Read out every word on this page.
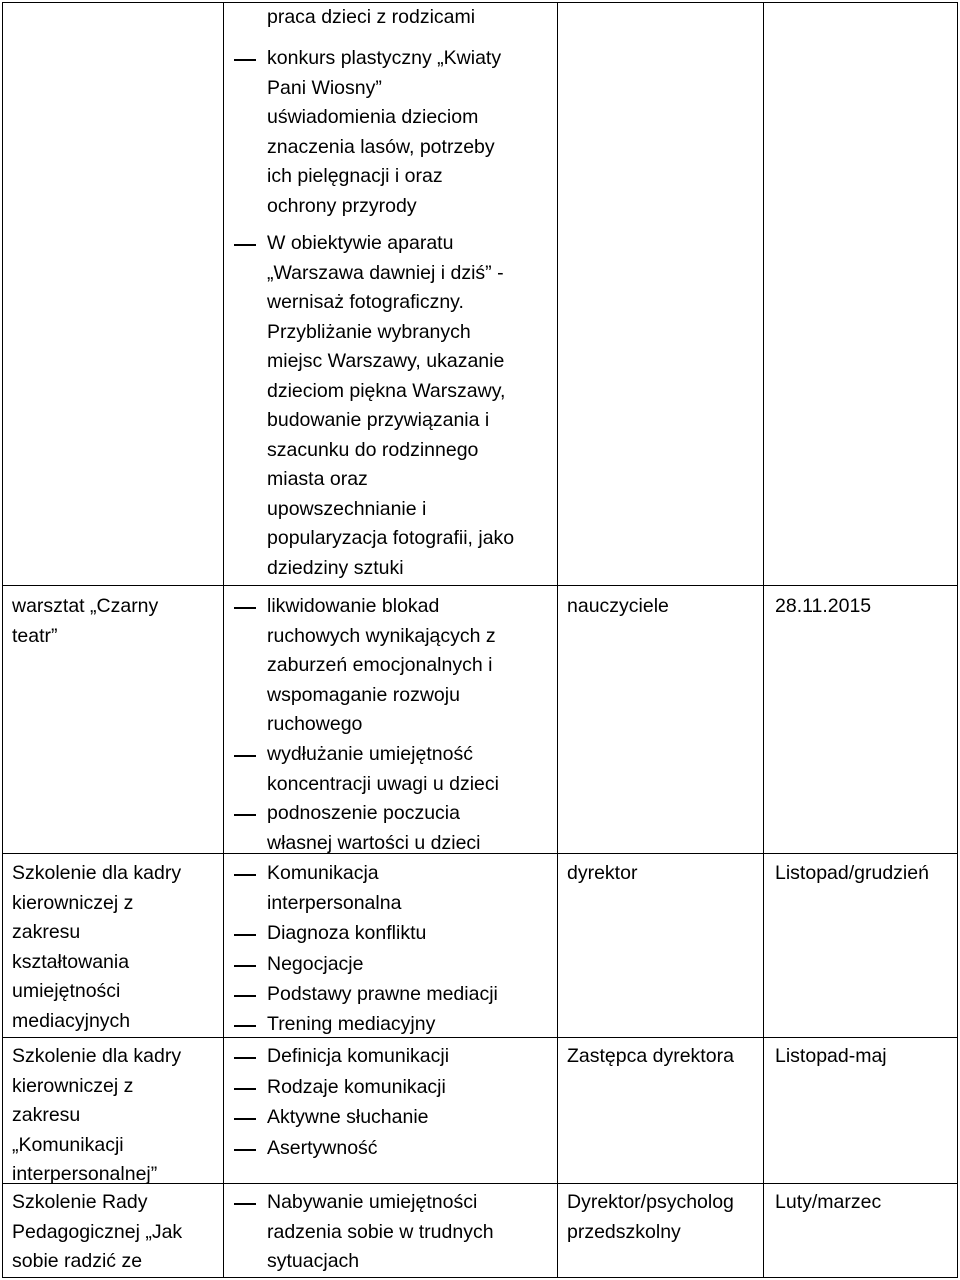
praca dzieci z rodzicami
konkurs plastyczny „Kwiaty
Pani Wiosny”
uświadomienia dzieciom
znaczenia lasów, potrzeby
ich pielęgnacji i oraz
ochrony przyrody
W obiektywie aparatu
„Warszawa dawniej i dziś” -
wernisaż fotograficzny.
Przybliżanie wybranych
miejsc Warszawy, ukazanie
dzieciom piękna Warszawy,
budowanie przywiązania i
szacunku do rodzinnego
miasta oraz
upowszechnianie i
popularyzacja fotografii, jako
dziedziny sztuki
warsztat „Czarny
teatr”
likwidowanie blokad
ruchowych wynikających z
zaburzeń emocjonalnych i
wspomaganie rozwoju
ruchowego
wydłużanie umiejętność
koncentracji uwagi u dzieci
podnoszenie poczucia
własnej wartości u dzieci
nauczyciele	28.11.2015
Szkolenie dla kadry
kierowniczej z
zakresu
kształtowania
umiejętności
mediacyjnych
Komunikacja
interpersonalna
Diagnoza konfliktu
Negocjacje
Podstawy prawne mediacji
Trening mediacyjny
dyrektor	Listopad/grudzień
Szkolenie dla kadry
kierowniczej z
zakresu
„Komunikacji
interpersonalnej”
Definicja komunikacji
Rodzaje komunikacji
Aktywne słuchanie
Asertywność
Zastępca dyrektora Listopad-maj
Szkolenie Rady
Pedagogicznej „Jak
sobie radzić ze
Nabywanie umiejętności
radzenia sobie w trudnych
sytuacjach
Dyrektor/psycholog
przedszkolny
Luty/marzec
